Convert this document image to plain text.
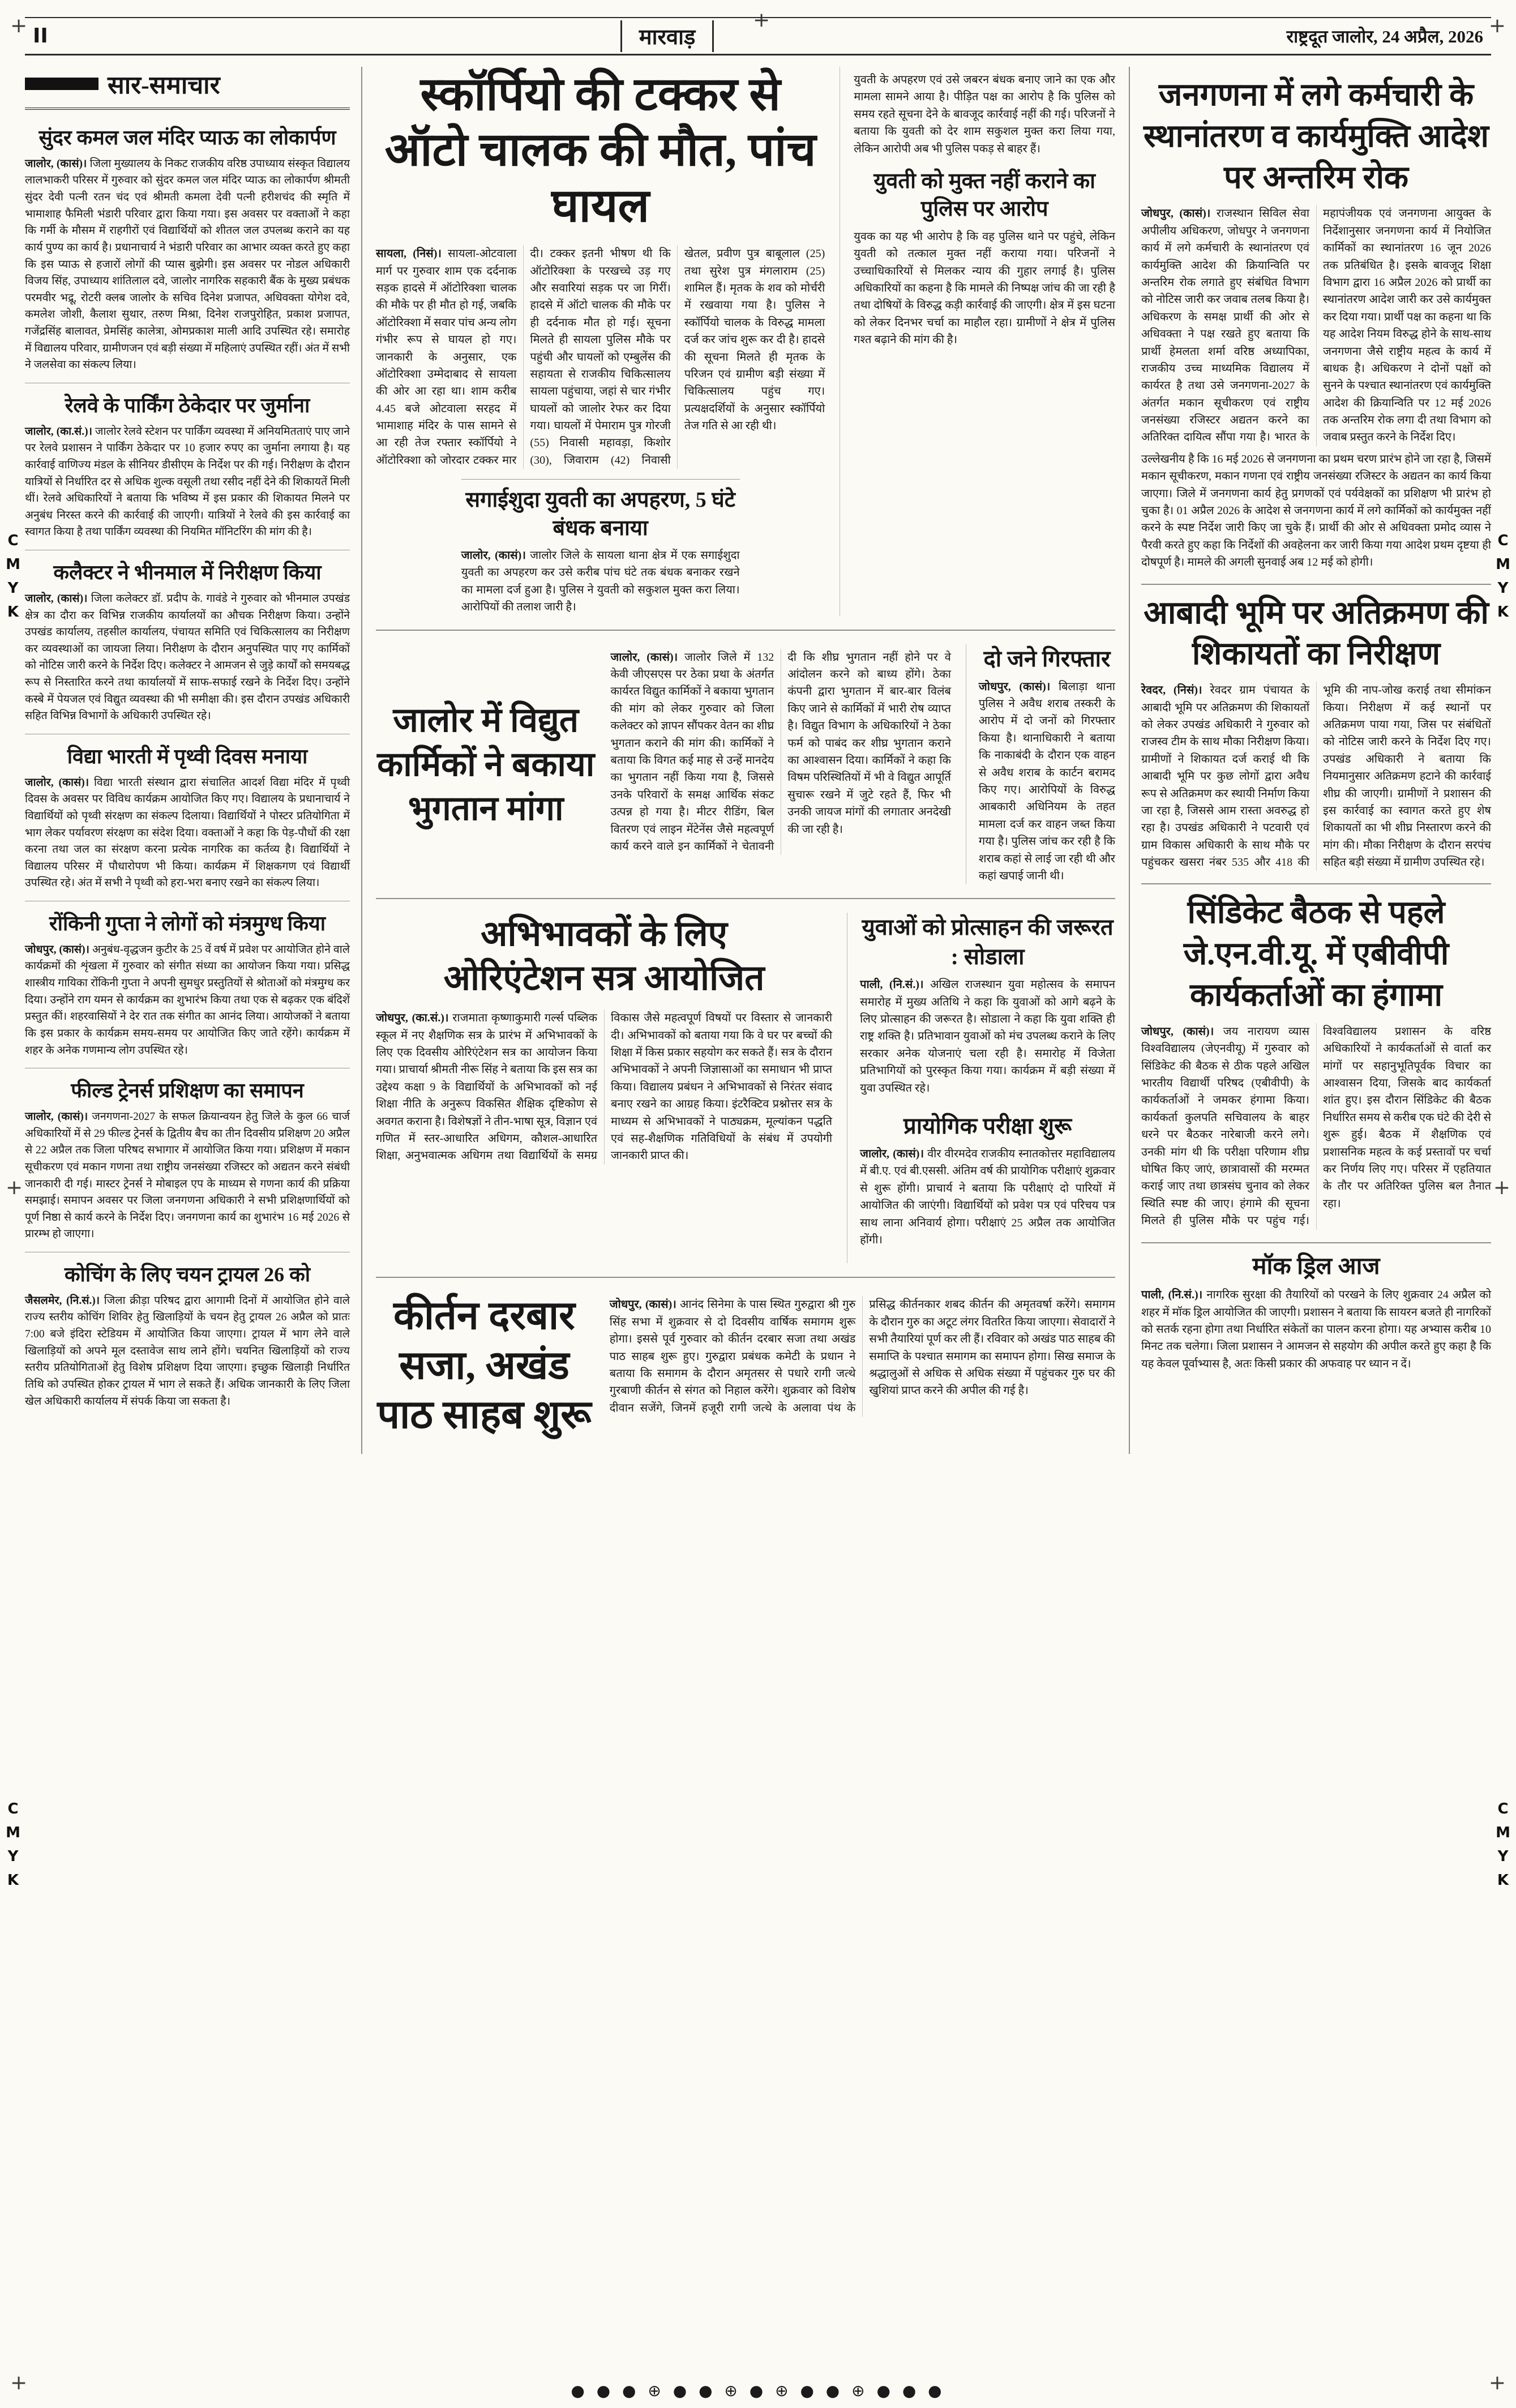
+	+	+
+	+
+	+
CMYK
CMYK
CMYK
CMYK
II	मारवाड़	राष्ट्रदूत जालोर, 24 अप्रैल, 2026
सार-समाचार
सुंदर कमल जल मंदिर प्याऊ का लोकार्पण

जालोर, (कासं)। जिला मुख्यालय के निकट राजकीय वरिष्ठ उपाध्याय संस्कृत विद्यालय लालभाकरी परिसर में गुरुवार को सुंदर कमल जल मंदिर प्याऊ का लोकार्पण श्रीमती सुंदर देवी पत्नी रतन चंद एवं श्रीमती कमला देवी पत्नी हरीशचंद की स्मृति में भामाशाह फैमिली भंडारी परिवार द्वारा किया गया। इस अवसर पर वक्ताओं ने कहा कि गर्मी के मौसम में राहगीरों एवं विद्यार्थियों को शीतल जल उपलब्ध कराने का यह कार्य पुण्य का कार्य है। प्रधानाचार्य ने भंडारी परिवार का आभार व्यक्त करते हुए कहा कि इस प्याऊ से हजारों लोगों की प्यास बुझेगी। इस अवसर पर नोडल अधिकारी विजय सिंह, उपाध्याय शांतिलाल दवे, जालोर नागरिक सहकारी बैंक के मुख्य प्रबंधक परमवीर भद्रू, रोटरी क्लब जालोर के सचिव दिनेश प्रजापत, अधिवक्ता योगेश दवे, कमलेश जोशी, कैलाश सुथार, तरुण मिश्रा, दिनेश राजपुरोहित, प्रकाश प्रजापत, गजेंद्रसिंह बालावत, प्रेमसिंह कालेत्रा, ओमप्रकाश माली आदि उपस्थित रहे। समारोह में विद्यालय परिवार, ग्रामीणजन एवं बड़ी संख्या में महिलाएं उपस्थित रहीं। अंत में सभी ने जलसेवा का संकल्प लिया।

रेलवे के पार्किंग ठेकेदार पर जुर्माना

जालोर, (का.सं.)। जालोर रेलवे स्टेशन पर पार्किंग व्यवस्था में अनियमितताएं पाए जाने पर रेलवे प्रशासन ने पार्किंग ठेकेदार पर 10 हजार रुपए का जुर्माना लगाया है। यह कार्रवाई वाणिज्य मंडल के सीनियर डीसीएम के निर्देश पर की गई। निरीक्षण के दौरान यात्रियों से निर्धारित दर से अधिक शुल्क वसूली तथा रसीद नहीं देने की शिकायतें मिली थीं। रेलवे अधिकारियों ने बताया कि भविष्य में इस प्रकार की शिकायत मिलने पर अनुबंध निरस्त करने की कार्रवाई की जाएगी। यात्रियों ने रेलवे की इस कार्रवाई का स्वागत किया है तथा पार्किंग व्यवस्था की नियमित मॉनिटरिंग की मांग की है।

कलैक्टर ने भीनमाल में निरीक्षण किया

जालोर, (कासं)। जिला कलेक्टर डॉ. प्रदीप के. गावंडे ने गुरुवार को भीनमाल उपखंड क्षेत्र का दौरा कर विभिन्न राजकीय कार्यालयों का औचक निरीक्षण किया। उन्होंने उपखंड कार्यालय, तहसील कार्यालय, पंचायत समिति एवं चिकित्सालय का निरीक्षण कर व्यवस्थाओं का जायजा लिया। निरीक्षण के दौरान अनुपस्थित पाए गए कार्मिकों को नोटिस जारी करने के निर्देश दिए। कलेक्टर ने आमजन से जुड़े कार्यों को समयबद्ध रूप से निस्तारित करने तथा कार्यालयों में साफ-सफाई रखने के निर्देश दिए। उन्होंने कस्बे में पेयजल एवं विद्युत व्यवस्था की भी समीक्षा की। इस दौरान उपखंड अधिकारी सहित विभिन्न विभागों के अधिकारी उपस्थित रहे।

विद्या भारती में पृथ्वी दिवस मनाया

जालोर, (कासं)। विद्या भारती संस्थान द्वारा संचालित आदर्श विद्या मंदिर में पृथ्वी दिवस के अवसर पर विविध कार्यक्रम आयोजित किए गए। विद्यालय के प्रधानाचार्य ने विद्यार्थियों को पृथ्वी संरक्षण का संकल्प दिलाया। विद्यार्थियों ने पोस्टर प्रतियोगिता में भाग लेकर पर्यावरण संरक्षण का संदेश दिया। वक्ताओं ने कहा कि पेड़-पौधों की रक्षा करना तथा जल का संरक्षण करना प्रत्येक नागरिक का कर्तव्य है। विद्यार्थियों ने विद्यालय परिसर में पौधारोपण भी किया। कार्यक्रम में शिक्षकगण एवं विद्यार्थी उपस्थित रहे। अंत में सभी ने पृथ्वी को हरा-भरा बनाए रखने का संकल्प लिया।

रोंकिनी गुप्ता ने लोगों को मंत्रमुग्ध किया

जोधपुर, (कासं)। अनुबंध-वृद्धजन कुटीर के 25 वें वर्ष में प्रवेश पर आयोजित होने वाले कार्यक्रमों की शृंखला में गुरुवार को संगीत संध्या का आयोजन किया गया। प्रसिद्ध शास्त्रीय गायिका रोंकिनी गुप्ता ने अपनी सुमधुर प्रस्तुतियों से श्रोताओं को मंत्रमुग्ध कर दिया। उन्होंने राग यमन से कार्यक्रम का शुभारंभ किया तथा एक से बढ़कर एक बंदिशें प्रस्तुत कीं। शहरवासियों ने देर रात तक संगीत का आनंद लिया। आयोजकों ने बताया कि इस प्रकार के कार्यक्रम समय-समय पर आयोजित किए जाते रहेंगे। कार्यक्रम में शहर के अनेक गणमान्य लोग उपस्थित रहे।

फील्ड ट्रेनर्स प्रशिक्षण का समापन

जालोर, (कासं)। जनगणना-2027 के सफल क्रियान्वयन हेतु जिले के कुल 66 चार्ज अधिकारियों में से 29 फील्ड ट्रेनर्स के द्वितीय बैच का तीन दिवसीय प्रशिक्षण 20 अप्रैल से 22 अप्रैल तक जिला परिषद सभागार में आयोजित किया गया। प्रशिक्षण में मकान सूचीकरण एवं मकान गणना तथा राष्ट्रीय जनसंख्या रजिस्टर को अद्यतन करने संबंधी जानकारी दी गई। मास्टर ट्रेनर्स ने मोबाइल एप के माध्यम से गणना कार्य की प्रक्रिया समझाई। समापन अवसर पर जिला जनगणना अधिकारी ने सभी प्रशिक्षणार्थियों को पूर्ण निष्ठा से कार्य करने के निर्देश दिए। जनगणना कार्य का शुभारंभ 16 मई 2026 से प्रारम्भ हो जाएगा।

कोचिंग के लिए चयन ट्रायल 26 को

जैसलमेर, (नि.सं.)। जिला क्रीड़ा परिषद द्वारा आगामी दिनों में आयोजित होने वाले राज्य स्तरीय कोचिंग शिविर हेतु खिलाड़ियों के चयन हेतु ट्रायल 26 अप्रैल को प्रातः 7:00 बजे इंदिरा स्टेडियम में आयोजित किया जाएगा। ट्रायल में भाग लेने वाले खिलाड़ियों को अपने मूल दस्तावेज साथ लाने होंगे। चयनित खिलाड़ियों को राज्य स्तरीय प्रतियोगिताओं हेतु विशेष प्रशिक्षण दिया जाएगा। इच्छुक खिलाड़ी निर्धारित तिथि को उपस्थित होकर ट्रायल में भाग ले सकते हैं। अधिक जानकारी के लिए जिला खेल अधिकारी कार्यालय में संपर्क किया जा सकता है।

स्कॉर्पियो की टक्कर से ऑटो चालक की मौत, पांच घायल
सायला, (निसं)। सायला-ओटवाला मार्ग पर गुरुवार शाम एक दर्दनाक सड़क हादसे में ऑटोरिक्शा चालक की मौके पर ही मौत हो गई, जबकि ऑटोरिक्शा में सवार पांच अन्य लोग गंभीर रूप से घायल हो गए। जानकारी के अनुसार, एक ऑटोरिक्शा उम्मेदाबाद से सायला की ओर आ रहा था। शाम करीब 4.45 बजे ओटवाला सरहद में भामाशाह मंदिर के पास सामने से आ रही तेज रफ्तार स्कॉर्पियो ने ऑटोरिक्शा को जोरदार टक्कर मार दी। टक्कर इतनी भीषण थी कि ऑटोरिक्शा के परखच्चे उड़ गए और सवारियां सड़क पर जा गिरीं। हादसे में ऑटो चालक की मौके पर ही दर्दनाक मौत हो गई। सूचना मिलते ही सायला पुलिस मौके पर पहुंची और घायलों को एम्बुलेंस की सहायता से राजकीय चिकित्सालय सायला पहुंचाया, जहां से चार गंभीर घायलों को जालोर रेफर कर दिया गया। घायलों में पेमाराम पुत्र गोरजी (55) निवासी महावड़ा, किशोर (30), जिवाराम (42) निवासी खेतल, प्रवीण पुत्र बाबूलाल (25) तथा सुरेश पुत्र मंगलाराम (25) शामिल हैं। मृतक के शव को मोर्चरी में रखवाया गया है। पुलिस ने स्कॉर्पियो चालक के विरुद्ध मामला दर्ज कर जांच शुरू कर दी है। हादसे की सूचना मिलते ही मृतक के परिजन एवं ग्रामीण बड़ी संख्या में चिकित्सालय पहुंच गए। प्रत्यक्षदर्शियों के अनुसार स्कॉर्पियो तेज गति से आ रही थी।
सगाईशुदा युवती का अपहरण, 5 घंटे बंधक बनाया

जालोर, (कासं)। जालोर जिले के सायला थाना क्षेत्र में एक सगाईशुदा युवती का अपहरण कर उसे करीब पांच घंटे तक बंधक बनाकर रखने का मामला दर्ज हुआ है। पुलिस ने युवती को सकुशल मुक्त करा लिया। आरोपियों की तलाश जारी है।

युवती के अपहरण एवं उसे जबरन बंधक बनाए जाने का एक और मामला सामने आया है। पीड़ित पक्ष का आरोप है कि पुलिस को समय रहते सूचना देने के बावजूद कार्रवाई नहीं की गई। परिजनों ने बताया कि युवती को देर शाम सकुशल मुक्त करा लिया गया, लेकिन आरोपी अब भी पुलिस पकड़ से बाहर हैं।

युवती को मुक्त नहीं कराने का पुलिस पर आरोप

युवक का यह भी आरोप है कि वह पुलिस थाने पर पहुंचे, लेकिन युवती को तत्काल मुक्त नहीं कराया गया। परिजनों ने उच्चाधिकारियों से मिलकर न्याय की गुहार लगाई है। पुलिस अधिकारियों का कहना है कि मामले की निष्पक्ष जांच की जा रही है तथा दोषियों के विरुद्ध कड़ी कार्रवाई की जाएगी। क्षेत्र में इस घटना को लेकर दिनभर चर्चा का माहौल रहा। ग्रामीणों ने क्षेत्र में पुलिस गश्त बढ़ाने की मांग की है।

जालोर में विद्युत कार्मिकों ने बकाया भुगतान मांगा
जालोर, (कासं)। जालोर जिले में 132 केवी जीएसएस पर ठेका प्रथा के अंतर्गत कार्यरत विद्युत कार्मिकों ने बकाया भुगतान की मांग को लेकर गुरुवार को जिला कलेक्टर को ज्ञापन सौंपकर वेतन का शीघ्र भुगतान कराने की मांग की। कार्मिकों ने बताया कि विगत कई माह से उन्हें मानदेय का भुगतान नहीं किया गया है, जिससे उनके परिवारों के समक्ष आर्थिक संकट उत्पन्न हो गया है। मीटर रीडिंग, बिल वितरण एवं लाइन मेंटेनेंस जैसे महत्वपूर्ण कार्य करने वाले इन कार्मिकों ने चेतावनी दी कि शीघ्र भुगतान नहीं होने पर वे आंदोलन करने को बाध्य होंगे। ठेका कंपनी द्वारा भुगतान में बार-बार विलंब किए जाने से कार्मिकों में भारी रोष व्याप्त है। विद्युत विभाग के अधिकारियों ने ठेका फर्म को पाबंद कर शीघ्र भुगतान कराने का आश्वासन दिया। कार्मिकों ने कहा कि विषम परिस्थितियों में भी वे विद्युत आपूर्ति सुचारू रखने में जुटे रहते हैं, फिर भी उनकी जायज मांगों की लगातार अनदेखी की जा रही है।
दो जने गिरफ्तार

जोधपुर, (कासं)। बिलाड़ा थाना पुलिस ने अवैध शराब तस्करी के आरोप में दो जनों को गिरफ्तार किया है। थानाधिकारी ने बताया कि नाकाबंदी के दौरान एक वाहन से अवैध शराब के कार्टन बरामद किए गए। आरोपियों के विरुद्ध आबकारी अधिनियम के तहत मामला दर्ज कर वाहन जब्त किया गया है। पुलिस जांच कर रही है कि शराब कहां से लाई जा रही थी और कहां खपाई जानी थी।

अभिभावकों के लिए ओरिएंटेशन सत्र आयोजित
जोधपुर, (का.सं.)। राजमाता कृष्णाकुमारी गर्ल्स पब्लिक स्कूल में नए शैक्षणिक सत्र के प्रारंभ में अभिभावकों के लिए एक दिवसीय ओरिएंटेशन सत्र का आयोजन किया गया। प्राचार्या श्रीमती नीरू सिंह ने बताया कि इस सत्र का उद्देश्य कक्षा 9 के विद्यार्थियों के अभिभावकों को नई शिक्षा नीति के अनुरूप विकसित शैक्षिक दृष्टिकोण से अवगत कराना है। विशेषज्ञों ने तीन-भाषा सूत्र, विज्ञान एवं गणित में स्तर-आधारित अधिगम, कौशल-आधारित शिक्षा, अनुभवात्मक अधिगम तथा विद्यार्थियों के समग्र विकास जैसे महत्वपूर्ण विषयों पर विस्तार से जानकारी दी। अभिभावकों को बताया गया कि वे घर पर बच्चों की शिक्षा में किस प्रकार सहयोग कर सकते हैं। सत्र के दौरान अभिभावकों ने अपनी जिज्ञासाओं का समाधान भी प्राप्त किया। विद्यालय प्रबंधन ने अभिभावकों से निरंतर संवाद बनाए रखने का आग्रह किया। इंटरैक्टिव प्रश्नोत्तर सत्र के माध्यम से अभिभावकों ने पाठ्यक्रम, मूल्यांकन पद्धति एवं सह-शैक्षणिक गतिविधियों के संबंध में उपयोगी जानकारी प्राप्त की।
युवाओं को प्रोत्साहन की जरूरत : सोडाला

पाली, (नि.सं.)। अखिल राजस्थान युवा महोत्सव के समापन समारोह में मुख्य अतिथि ने कहा कि युवाओं को आगे बढ़ने के लिए प्रोत्साहन की जरूरत है। सोडाला ने कहा कि युवा शक्ति ही राष्ट्र शक्ति है। प्रतिभावान युवाओं को मंच उपलब्ध कराने के लिए सरकार अनेक योजनाएं चला रही है। समारोह में विजेता प्रतिभागियों को पुरस्कृत किया गया। कार्यक्रम में बड़ी संख्या में युवा उपस्थित रहे।

प्रायोगिक परीक्षा शुरू

जालोर, (कासं)। वीर वीरमदेव राजकीय स्नातकोत्तर महाविद्यालय में बी.ए. एवं बी.एससी. अंतिम वर्ष की प्रायोगिक परीक्षाएं शुक्रवार से शुरू होंगी। प्राचार्य ने बताया कि परीक्षाएं दो पारियों में आयोजित की जाएंगी। विद्यार्थियों को प्रवेश पत्र एवं परिचय पत्र साथ लाना अनिवार्य होगा। परीक्षाएं 25 अप्रैल तक आयोजित होंगी।

कीर्तन दरबार सजा, अखंड पाठ साहब शुरू
जोधपुर, (कासं)। आनंद सिनेमा के पास स्थित गुरुद्वारा श्री गुरु सिंह सभा में शुक्रवार से दो दिवसीय वार्षिक समागम शुरू होगा। इससे पूर्व गुरुवार को कीर्तन दरबार सजा तथा अखंड पाठ साहब शुरू हुए। गुरुद्वारा प्रबंधक कमेटी के प्रधान ने बताया कि समागम के दौरान अमृतसर से पधारे रागी जत्थे गुरबाणी कीर्तन से संगत को निहाल करेंगे। शुक्रवार को विशेष दीवान सजेंगे, जिनमें हजूरी रागी जत्थे के अलावा पंथ के प्रसिद्ध कीर्तनकार शबद कीर्तन की अमृतवर्षा करेंगे। समागम के दौरान गुरु का अटूट लंगर वितरित किया जाएगा। सेवादारों ने सभी तैयारियां पूर्ण कर ली हैं। रविवार को अखंड पाठ साहब की समाप्ति के पश्चात समागम का समापन होगा। सिख समाज के श्रद्धालुओं से अधिक से अधिक संख्या में पहुंचकर गुरु घर की खुशियां प्राप्त करने की अपील की गई है।
जनगणना में लगे कर्मचारी के स्थानांतरण व कार्यमुक्ति आदेश पर अन्तरिम रोक
जोधपुर, (कासं)। राजस्थान सिविल सेवा अपीलीय अधिकरण, जोधपुर ने जनगणना कार्य में लगे कर्मचारी के स्थानांतरण एवं कार्यमुक्ति आदेश की क्रियान्विति पर अन्तरिम रोक लगाते हुए संबंधित विभाग को नोटिस जारी कर जवाब तलब किया है। अधिकरण के समक्ष प्रार्थी की ओर से अधिवक्ता ने पक्ष रखते हुए बताया कि प्रार्थी हेमलता शर्मा वरिष्ठ अध्यापिका, राजकीय उच्च माध्यमिक विद्यालय में कार्यरत है तथा उसे जनगणना-2027 के अंतर्गत मकान सूचीकरण एवं राष्ट्रीय जनसंख्या रजिस्टर अद्यतन करने का अतिरिक्त दायित्व सौंपा गया है। भारत के महापंजीयक एवं जनगणना आयुक्त के निर्देशानुसार जनगणना कार्य में नियोजित कार्मिकों का स्थानांतरण 16 जून 2026 तक प्रतिबंधित है। इसके बावजूद शिक्षा विभाग द्वारा 16 अप्रैल 2026 को प्रार्थी का स्थानांतरण आदेश जारी कर उसे कार्यमुक्त कर दिया गया। प्रार्थी पक्ष का कहना था कि यह आदेश नियम विरुद्ध होने के साथ-साथ जनगणना जैसे राष्ट्रीय महत्व के कार्य में बाधक है। अधिकरण ने दोनों पक्षों को सुनने के पश्चात स्थानांतरण एवं कार्यमुक्ति आदेश की क्रियान्विति पर 12 मई 2026 तक अन्तरिम रोक लगा दी तथा विभाग को जवाब प्रस्तुत करने के निर्देश दिए।

उल्लेखनीय है कि 16 मई 2026 से जनगणना का प्रथम चरण प्रारंभ होने जा रहा है, जिसमें मकान सूचीकरण, मकान गणना एवं राष्ट्रीय जनसंख्या रजिस्टर के अद्यतन का कार्य किया जाएगा। जिले में जनगणना कार्य हेतु प्रगणकों एवं पर्यवेक्षकों का प्रशिक्षण भी प्रारंभ हो चुका है। 01 अप्रैल 2026 के आदेश से जनगणना कार्य में लगे कार्मिकों को कार्यमुक्त नहीं करने के स्पष्ट निर्देश जारी किए जा चुके हैं। प्रार्थी की ओर से अधिवक्ता प्रमोद व्यास ने पैरवी करते हुए कहा कि निर्देशों की अवहेलना कर जारी किया गया आदेश प्रथम दृष्टया ही दोषपूर्ण है। मामले की अगली सुनवाई अब 12 मई को होगी।

आबादी भूमि पर अतिक्रमण की शिकायतों का निरीक्षण
रेवदर, (निसं)। रेवदर ग्राम पंचायत के आबादी भूमि पर अतिक्रमण की शिकायतों को लेकर उपखंड अधिकारी ने गुरुवार को राजस्व टीम के साथ मौका निरीक्षण किया। ग्रामीणों ने शिकायत दर्ज कराई थी कि आबादी भूमि पर कुछ लोगों द्वारा अवैध रूप से अतिक्रमण कर स्थायी निर्माण किया जा रहा है, जिससे आम रास्ता अवरुद्ध हो रहा है। उपखंड अधिकारी ने पटवारी एवं ग्राम विकास अधिकारी के साथ मौके पर पहुंचकर खसरा नंबर 535 और 418 की भूमि की नाप-जोख कराई तथा सीमांकन किया। निरीक्षण में कई स्थानों पर अतिक्रमण पाया गया, जिस पर संबंधितों को नोटिस जारी करने के निर्देश दिए गए। उपखंड अधिकारी ने बताया कि नियमानुसार अतिक्रमण हटाने की कार्रवाई शीघ्र की जाएगी। ग्रामीणों ने प्रशासन की इस कार्रवाई का स्वागत करते हुए शेष शिकायतों का भी शीघ्र निस्तारण करने की मांग की। मौका निरीक्षण के दौरान सरपंच सहित बड़ी संख्या में ग्रामीण उपस्थित रहे।
सिंडिकेट बैठक से पहले जे.एन.वी.यू. में एबीवीपी कार्यकर्ताओं का हंगामा
जोधपुर, (कासं)। जय नारायण व्यास विश्वविद्यालय (जेएनवीयू) में गुरुवार को सिंडिकेट की बैठक से ठीक पहले अखिल भारतीय विद्यार्थी परिषद (एबीवीपी) के कार्यकर्ताओं ने जमकर हंगामा किया। कार्यकर्ता कुलपति सचिवालय के बाहर धरने पर बैठकर नारेबाजी करने लगे। उनकी मांग थी कि परीक्षा परिणाम शीघ्र घोषित किए जाएं, छात्रावासों की मरम्मत कराई जाए तथा छात्रसंघ चुनाव को लेकर स्थिति स्पष्ट की जाए। हंगामे की सूचना मिलते ही पुलिस मौके पर पहुंच गई। विश्वविद्यालय प्रशासन के वरिष्ठ अधिकारियों ने कार्यकर्ताओं से वार्ता कर मांगों पर सहानुभूतिपूर्वक विचार का आश्वासन दिया, जिसके बाद कार्यकर्ता शांत हुए। इस दौरान सिंडिकेट की बैठक निर्धारित समय से करीब एक घंटे की देरी से शुरू हुई। बैठक में शैक्षणिक एवं प्रशासनिक महत्व के कई प्रस्तावों पर चर्चा कर निर्णय लिए गए। परिसर में एहतियात के तौर पर अतिरिक्त पुलिस बल तैनात रहा।
मॉक ड्रिल आज

पाली, (नि.सं.)। नागरिक सुरक्षा की तैयारियों को परखने के लिए शुक्रवार 24 अप्रैल को शहर में मॉक ड्रिल आयोजित की जाएगी। प्रशासन ने बताया कि सायरन बजते ही नागरिकों को सतर्क रहना होगा तथा निर्धारित संकेतों का पालन करना होगा। यह अभ्यास करीब 10 मिनट तक चलेगा। जिला प्रशासन ने आमजन से सहयोग की अपील करते हुए कहा है कि यह केवल पूर्वाभ्यास है, अतः किसी प्रकार की अफवाह पर ध्यान न दें।

● ● ● ⊕ ● ● ⊕ ● ⊕ ● ● ⊕ ● ● ●
